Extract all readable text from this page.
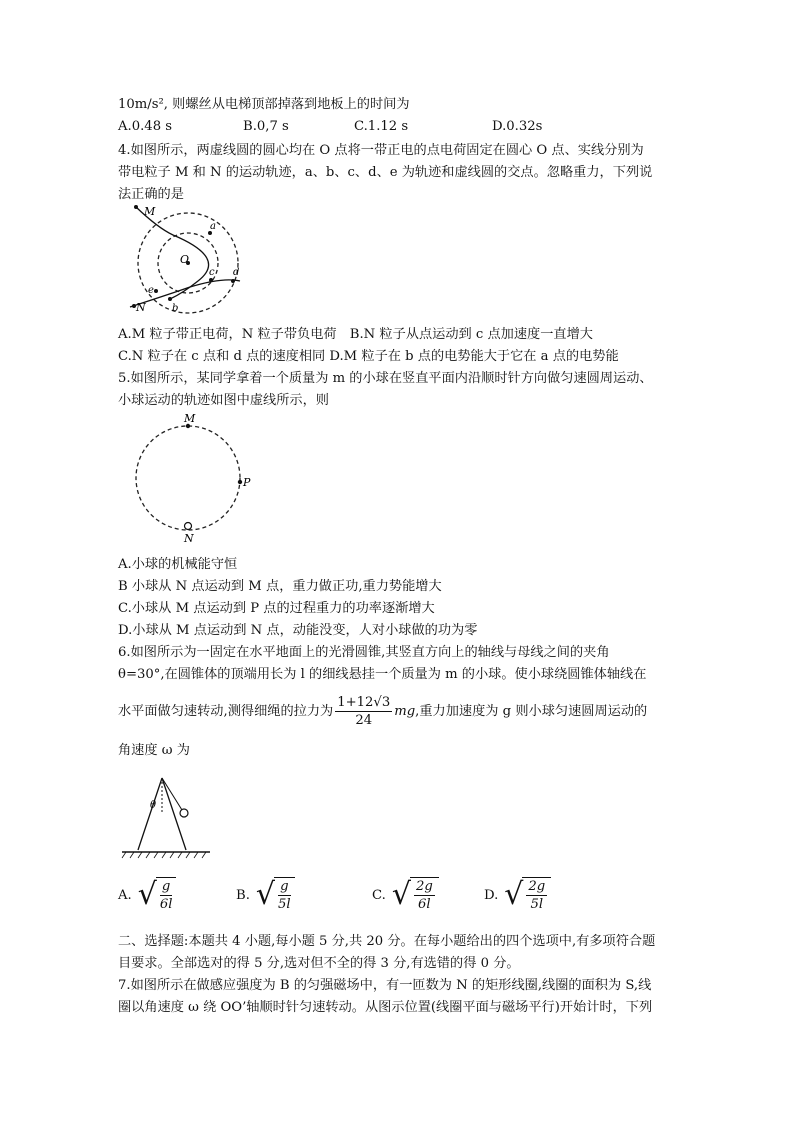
10m/s², 则螺丝从电梯顶部掉落到地板上的时间为
A.0.48 s	B.0,7 s	C.1.12 s	D.0.32s
4.如图所示，两虚线圆的圆心均在 O 点将一带正电的点电荷固定在圆心 O 点、实线分别为
带电粒子 M 和 N 的运动轨迹，a、b、c、d、e 为轨迹和虚线圆的交点。忽略重力，下列说
法正确的是
M
a
O
c d
e
b
N
A.M 粒子带正电荷，N 粒子带负电荷　B.N 粒子从点运动到 c 点加速度一直增大
C.N 粒子在 c 点和 d 点的速度相同 D.M 粒子在 b 点的电势能大于它在 a 点的电势能
5.如图所示，某同学拿着一个质量为 m 的小球在竖直平面内沿顺时针方向做匀速圆周运动、
小球运动的轨迹如图中虚线所示，则
M
P
N
A.小球的机械能守恒
B 小球从 N 点运动到 M 点，重力做正功,重力势能增大
C.小球从 M 点运动到 P 点的过程重力的功率逐渐增大
D.小球从 M 点运动到 N 点，动能没变，人对小球做的功为零
6.如图所示为一固定在水平地面上的光滑圆锥,其竖直方向上的轴线与母线之间的夹角
θ=30°,在圆锥体的顶端用长为 l 的细线悬挂一个质量为 m 的小球。使小球绕圆锥体轴线在
水平面做匀速转动,测得细绳的拉力为 $\frac{1+12√3}{24}$ mg ,重力加速度为 g 则小球匀速圆周运动的
角速度 ω 为
θ
A. √ $\frac{g}{6l}$	B. √ $\frac{g}{5l}$	C. √ $\frac{2g}{6l}$	D. √ $\frac{2g}{5l}$
二、选择题:本题共 4 小题,每小题 5 分,共 20 分。在每小题给出的四个选项中,有多项符合题
目要求。全部选对的得 5 分,选对但不全的得 3 分,有选错的得 0 分。
7.如图所示在做感应强度为 B 的匀强磁场中，有一匝数为 N 的矩形线圈,线圈的面积为 S,线
圈以角速度 ω 绕 OO’轴顺时针匀速转动。从图示位置(线圈平面与磁场平行)开始计时，下列
